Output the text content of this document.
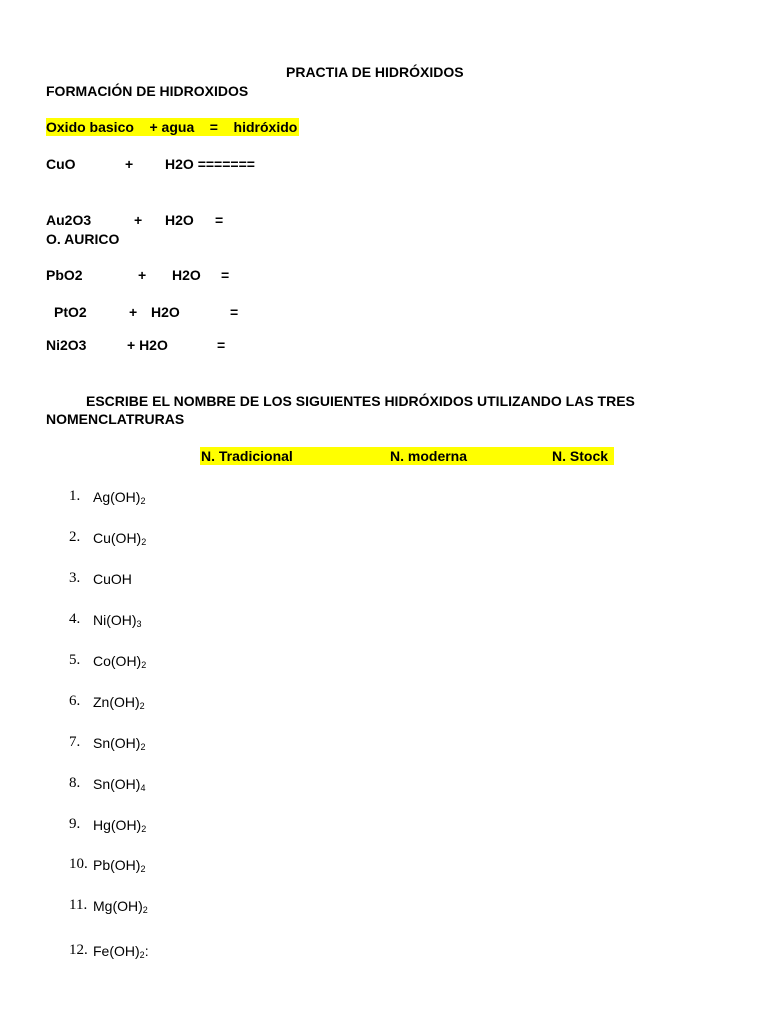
PRACTIA DE HIDRÓXIDOS
FORMACIÓN DE HIDROXIDOS
Oxido basico + agua = hidróxido
CuO	+ H2O =======
Au2O3	+ H2O =
O. AURICO
PbO2	+ H2O =
PtO2	+ H2O	=
Ni2O3	+ H2O	=
ESCRIBE EL NOMBRE DE LOS SIGUIENTES HIDRÓXIDOS UTILIZANDO LAS TRES
NOMENCLATRURAS

N. Tradicional

	N. moderna

	N. Stock

1. $Ag(OH)_2$
2. $Cu(OH)_2$
3. CuOH
4. $Ni(OH)_3$
5. $Co(OH)_2$
6. $Zn(OH)_2$
7. $Sn(OH)_2$
8. $Sn(OH)_4$
9. $Hg(OH)_2$
10. $Pb(OH)_2$
11. $Mg(OH)_2$
12. $Fe(OH)_2$:
